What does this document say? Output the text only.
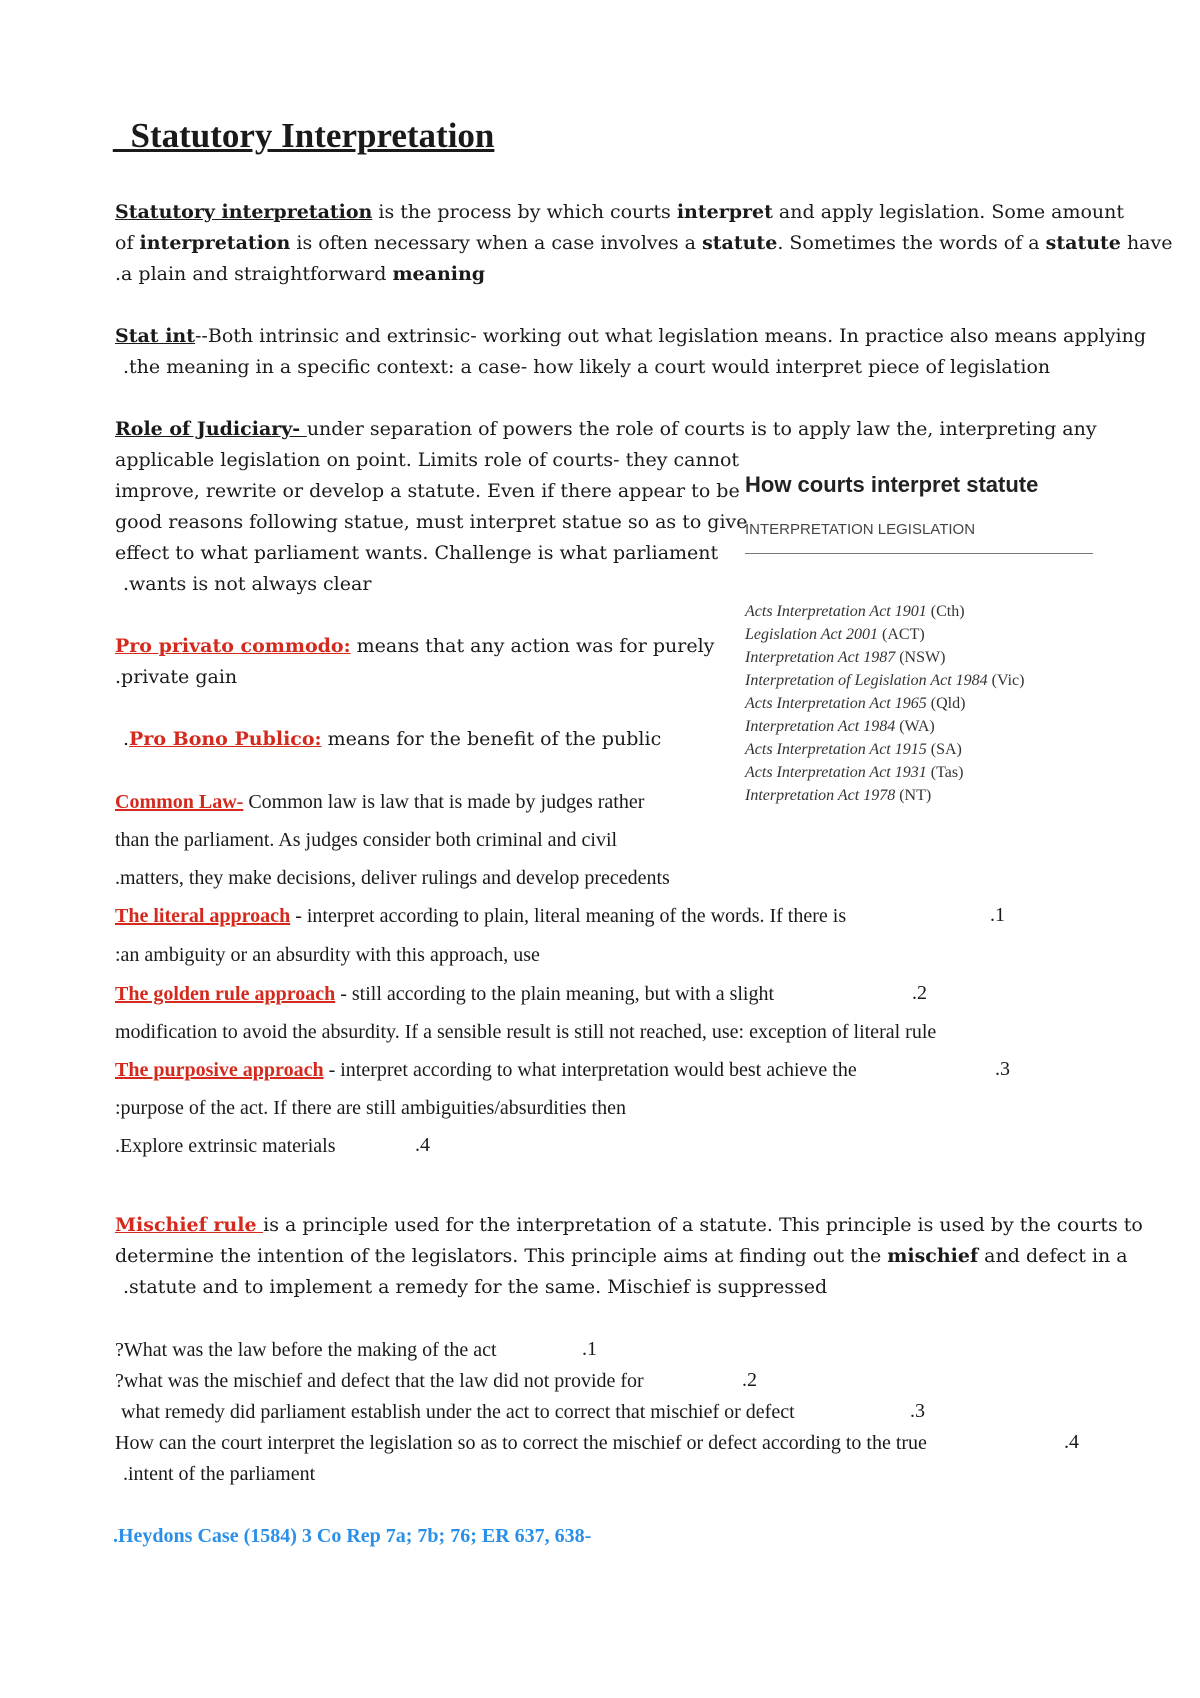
_Statutory Interpretation
Statutory interpretation is the process by which courts interpret and apply legislation. Some amount
of interpretation is often necessary when a case involves a statute. Sometimes the words of a statute have
.a plain and straightforward meaning
Stat int--Both intrinsic and extrinsic- working out what legislation means. In practice also means applying
.the meaning in a specific context: a case- how likely a court would interpret piece of legislation
Role of Judiciary- under separation of powers the role of courts is to apply law the, interpreting any
applicable legislation on point. Limits role of courts- they cannot
improve, rewrite or develop a statute. Even if there appear to be
good reasons following statue, must interpret statue so as to give
effect to what parliament wants. Challenge is what parliament
.wants is not always clear
Pro privato commodo: means that any action was for purely
.private gain
.Pro Bono Publico: means for the benefit of the public
Common Law- Common law is law that is made by judges rather
than the parliament. As judges consider both criminal and civil
.matters, they make decisions, deliver rulings and develop precedents
The literal approach - interpret according to plain, literal meaning of the words. If there is	.1
:an ambiguity or an absurdity with this approach, use
The golden rule approach - still according to the plain meaning, but with a slight	.2
modification to avoid the absurdity. If a sensible result is still not reached, use: exception of literal rule
The purposive approach - interpret according to what interpretation would best achieve the	.3
:purpose of the act. If there are still ambiguities/absurdities then
.Explore extrinsic materials	.4
Mischief rule is a principle used for the interpretation of a statute. This principle is used by the courts to
determine the intention of the legislators. This principle aims at finding out the mischief and defect in a
.statute and to implement a remedy for the same. Mischief is suppressed
?What was the law before the making of the act	.1
?what was the mischief and defect that the law did not provide for	.2
what remedy did parliament establish under the act to correct that mischief or defect	.3
How can the court interpret the legislation so as to correct the mischief or defect according to the true	.4
.intent of the parliament
.Heydons Case (1584) 3 Co Rep 7a; 7b; 76; ER 637, 638-
How courts interpret statute
INTERPRETATION LEGISLATION
Acts Interpretation Act 1901 (Cth)
Legislation Act 2001 (ACT)
Interpretation Act 1987 (NSW)
Interpretation of Legislation Act 1984 (Vic)
Acts Interpretation Act 1965 (Qld)
Interpretation Act 1984 (WA)
Acts Interpretation Act 1915 (SA)
Acts Interpretation Act 1931 (Tas)
Interpretation Act 1978 (NT)
